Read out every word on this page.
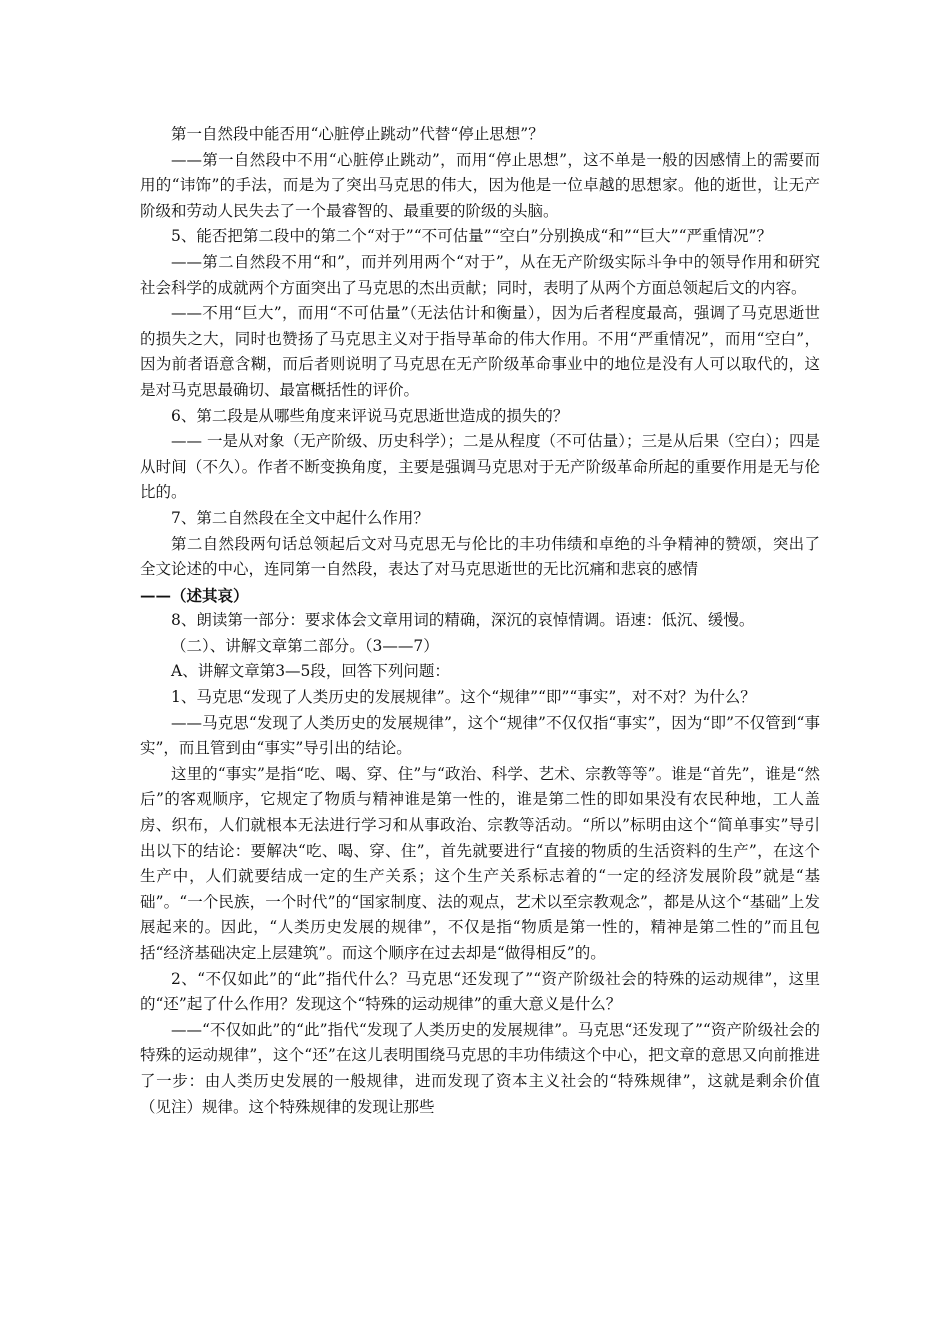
第一自然段中能否用“心脏停止跳动”代替“停止思想”？

——第一自然段中不用“心脏停止跳动”，而用“停止思想”，这不单是一般的因感情上的需要而用的“讳饰”的手法，而是为了突出马克思的伟大，因为他是一位卓越的思想家。他的逝世，让无产阶级和劳动人民失去了一个最睿智的、最重要的阶级的头脑。

5、能否把第二段中的第二个“对于”“不可估量”“空白”分别换成“和”“巨大”“严重情况”？

——第二自然段不用“和”，而并列用两个“对于”，从在无产阶级实际斗争中的领导作用和研究社会科学的成就两个方面突出了马克思的杰出贡献；同时，表明了从两个方面总领起后文的内容。

——不用“巨大”，而用“不可估量”（无法估计和衡量），因为后者程度最高，强调了马克思逝世的损失之大，同时也赞扬了马克思主义对于指导革命的伟大作用。不用“严重情况”，而用“空白”，因为前者语意含糊，而后者则说明了马克思在无产阶级革命事业中的地位是没有人可以取代的，这是对马克思最确切、最富概括性的评价。

6、第二段是从哪些角度来评说马克思逝世造成的损失的？

—— 一是从对象（无产阶级、历史科学）；二是从程度（不可估量）；三是从后果（空白）；四是从时间（不久）。作者不断变换角度，主要是强调马克思对于无产阶级革命所起的重要作用是无与伦比的。

7、第二自然段在全文中起什么作用？

第二自然段两句话总领起后文对马克思无与伦比的丰功伟绩和卓绝的斗争精神的赞颂，突出了全文论述的中心，连同第一自然段，表达了对马克思逝世的无比沉痛和悲哀的感情

——（述其哀）

8、朗读第一部分：要求体会文章用词的精确，深沉的哀悼情调。语速：低沉、缓慢。

（二）、讲解文章第二部分。（3——7）

A、讲解文章第3—5段，回答下列问题：

1、马克思“发现了人类历史的发展规律”。这个“规律”“即”“事实”，对不对？为什么？

——马克思“发现了人类历史的发展规律”，这个“规律”不仅仅指“事实”，因为“即”不仅管到“事实”，而且管到由“事实”导引出的结论。

这里的“事实”是指“吃、喝、穿、住”与“政治、科学、艺术、宗教等等”。谁是“首先”，谁是“然后”的客观顺序，它规定了物质与精神谁是第一性的，谁是第二性的即如果没有农民种地，工人盖房、织布，人们就根本无法进行学习和从事政治、宗教等活动。“所以”标明由这个“简单事实”导引出以下的结论：要解决“吃、喝、穿、住”，首先就要进行“直接的物质的生活资料的生产”，在这个生产中，人们就要结成一定的生产关系；这个生产关系标志着的“一定的经济发展阶段”就是“基础”。“一个民族，一个时代”的“国家制度、法的观点，艺术以至宗教观念”，都是从这个“基础”上发展起来的。因此，“人类历史发展的规律”，不仅是指“物质是第一性的，精神是第二性的”而且包括“经济基础决定上层建筑”。而这个顺序在过去却是“做得相反”的。

2、“不仅如此”的“此”指代什么？马克思“还发现了”“资产阶级社会的特殊的运动规律”，这里的“还”起了什么作用？发现这个“特殊的运动规律”的重大意义是什么？

——“不仅如此”的“此”指代“发现了人类历史的发展规律”。马克思“还发现了”“资产阶级社会的特殊的运动规律”，这个“还”在这儿表明围绕马克思的丰功伟绩这个中心，把文章的意思又向前推进了一步：由人类历史发展的一般规律，进而发现了资本主义社会的“特殊规律”，这就是剩余价值（见注）规律。这个特殊规律的发现让那些
